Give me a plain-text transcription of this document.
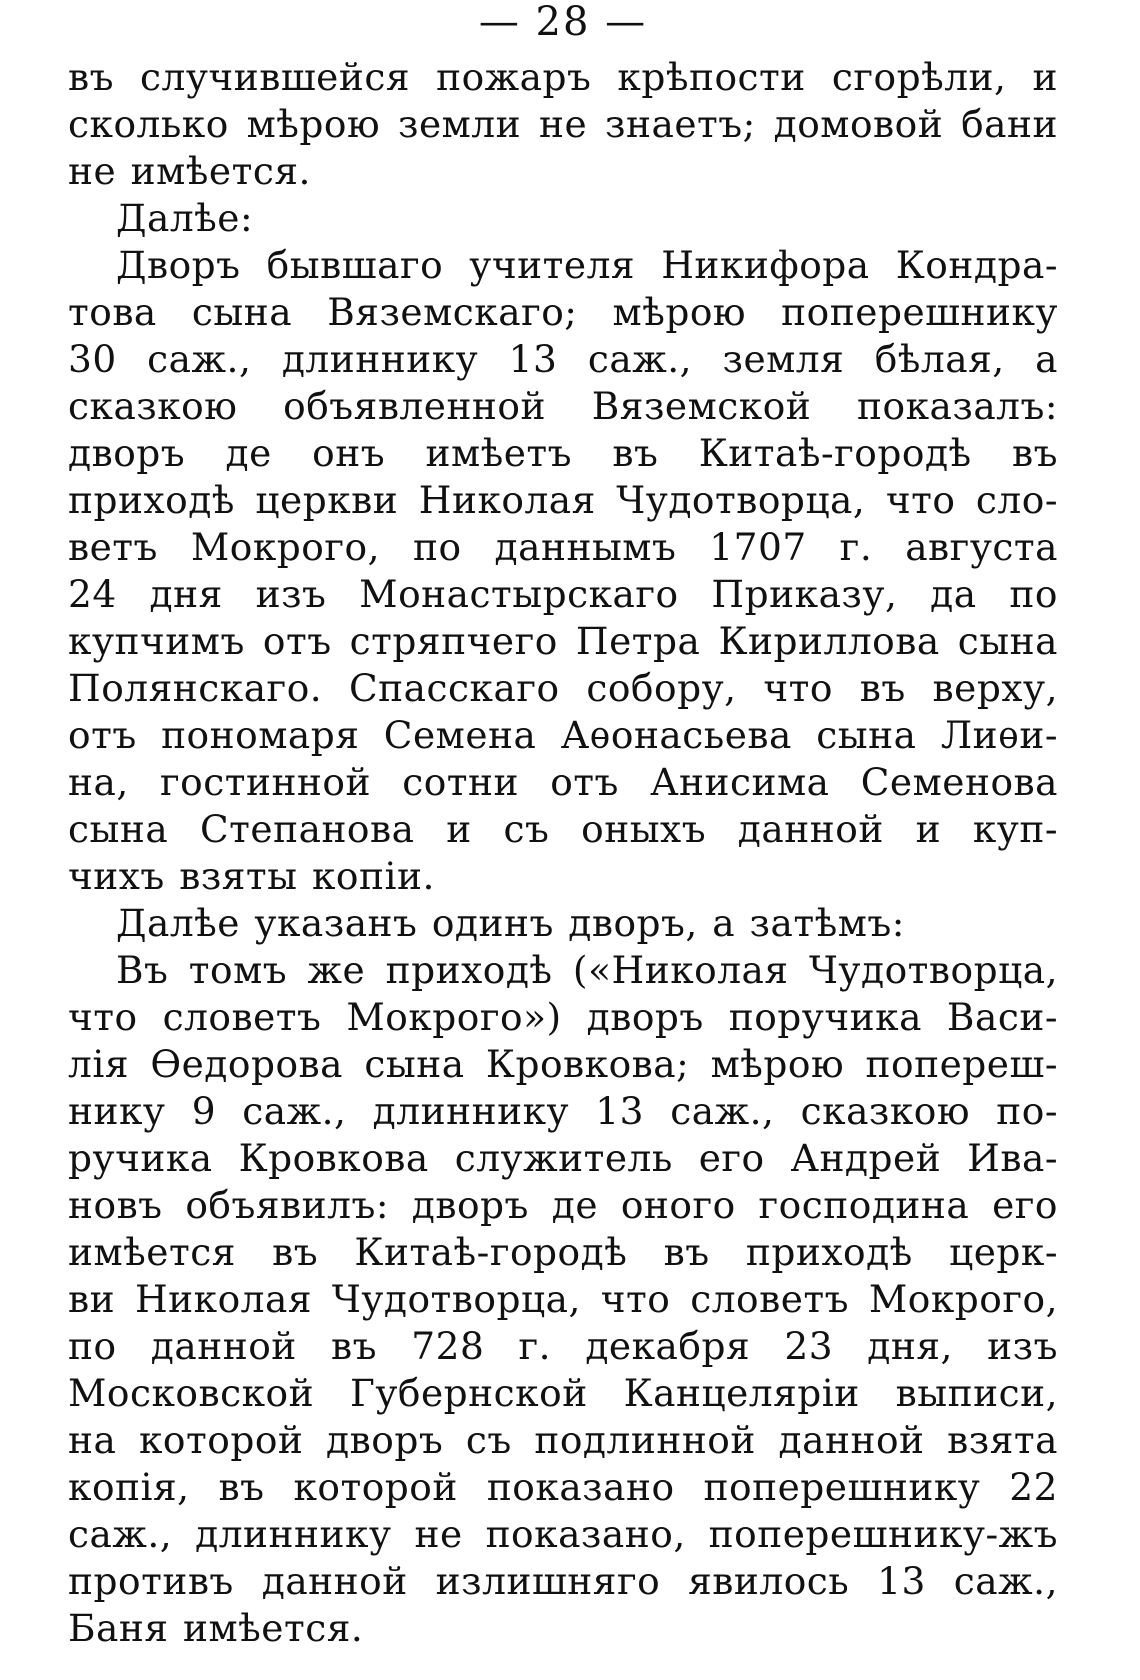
— 28 —
въ случившейся пожаръ крѣпости сгорѣли, и
сколько мѣрою земли не знаетъ; домовой бани
не имѣется.
Далѣе:
Дворъ бывшаго учителя Никифора Кондра-
това сына Вяземскаго; мѣрою поперешнику
30 саж., длиннику 13 саж., земля бѣлая, а
сказкою объявленной Вяземской показалъ:
дворъ де онъ имѣетъ въ Китаѣ-городѣ въ
приходѣ церкви Николая Чудотворца, что сло-
ветъ Мокрого, по даннымъ 1707 г. августа
24 дня изъ Монастырскаго Приказу, да по
купчимъ отъ стряпчего Петра Кириллова сына
Полянскаго. Спасскаго собору, что въ верху,
отъ пономаря Семена Аѳонасьева сына Лиѳи-
на, гостинной сотни отъ Анисима Семенова
сына Степанова и съ оныхъ данной и куп-
чихъ взяты копіи.
Далѣе указанъ одинъ дворъ, а затѣмъ:
Въ томъ же приходѣ («Николая Чудотворца,
что словетъ Мокрого») дворъ поручика Васи-
лія Ѳедорова сына Кровкова; мѣрою попереш-
нику 9 саж., длиннику 13 саж., сказкою по-
ручика Кровкова служитель его Андрей Ива-
новъ объявилъ: дворъ де оного господина его
имѣется въ Китаѣ-городѣ въ приходѣ церк-
ви Николая Чудотворца, что словетъ Мокрого,
по данной въ 728 г. декабря 23 дня, изъ
Московской Губернской Канцеляріи выписи,
на которой дворъ съ подлинной данной взята
копія, въ которой показано поперешнику 22
саж., длиннику не показано, поперешнику-жъ
противъ данной излишняго явилось 13 саж.,
Баня имѣется.
